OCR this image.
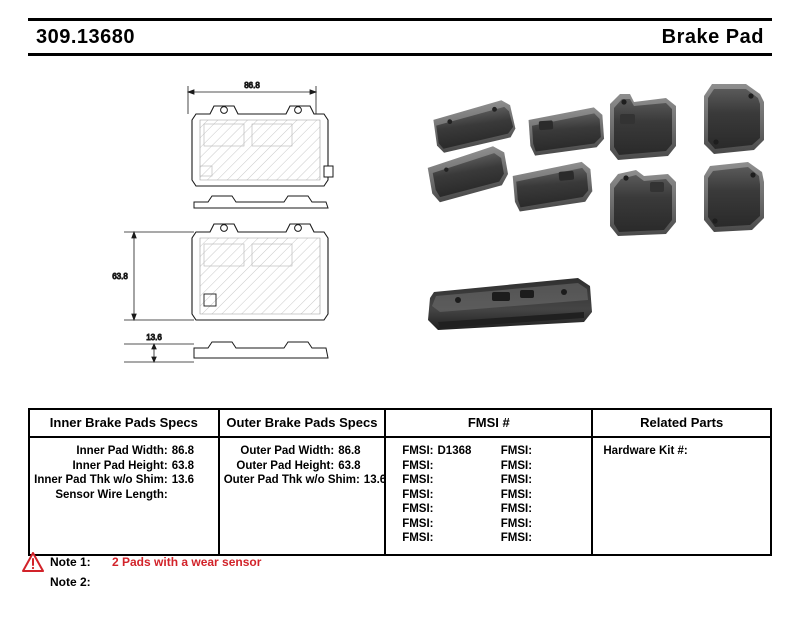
309.13680	Brake Pad
86.8
63.8
13.6
Inner Brake Pads Specs	Outer Brake Pads Specs	FMSI #	Related Parts

Inner Pad Width: 86.8
Inner Pad Height: 63.8
Inner Pad Thk w/o Shim: 13.6
Sensor Wire Length:

Outer Pad Width: 86.8
Outer Pad Height: 63.8
Outer Pad Thk w/o Shim: 13.6

FMSI: D1368
FMSI:
FMSI:
FMSI:
FMSI:
FMSI:
FMSI:
FMSI:
FMSI:
FMSI:
FMSI:
FMSI:
FMSI:
FMSI:

Hardware Kit #:
Note 1:	2 Pads with a wear sensor
Note 2:
